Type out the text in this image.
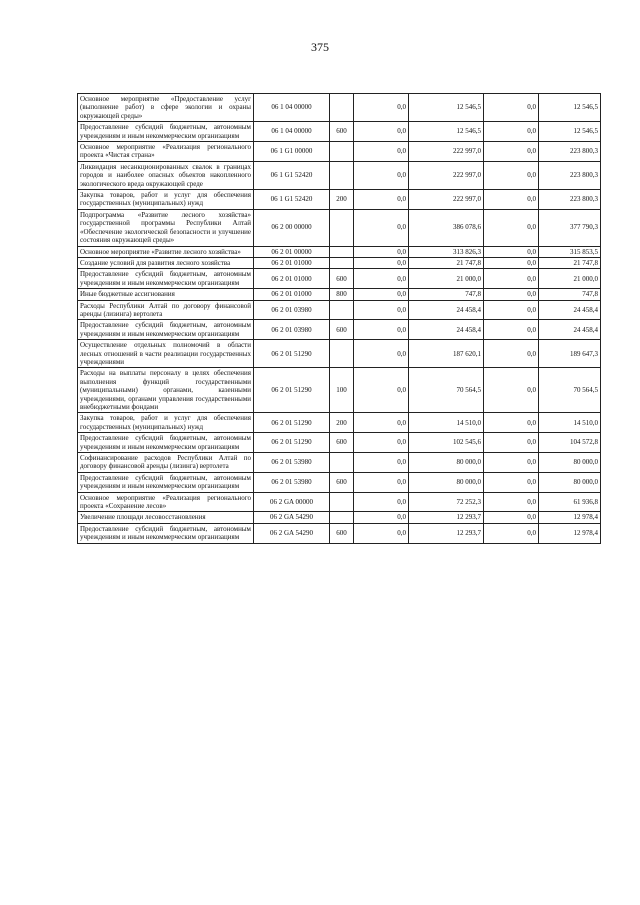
375
Основное мероприятие «Предоставление услуг (выполнение работ) в сфере экологии и охраны окружающей среды»	06 1 04 00000		0,0	12 546,5	0,0	12 546,5
Предоставление субсидий бюджетным, автономным учреждениям и иным некоммерческим организациям	06 1 04 00000	600	0,0	12 546,5	0,0	12 546,5
Основное мероприятие «Реализация регионального проекта «Чистая страна»	06 1 G1 00000		0,0	222 997,0	0,0	223 800,3
Ликвидация несанкционированных свалок в границах городов и наиболее опасных объектов накопленного экологического вреда окружающей среде	06 1 G1 52420		0,0	222 997,0	0,0	223 800,3
Закупка товаров, работ и услуг для обеспечения государственных (муниципальных) нужд	06 1 G1 52420	200	0,0	222 997,0	0,0	223 800,3
Подпрограмма «Развитие лесного хозяйства» государственной программы Республики Алтай «Обеспечение экологической безопасности и улучшение состояния окружающей среды»	06 2 00 00000		0,0	386 078,6	0,0	377 790,3
Основное мероприятие «Развитие лесного хозяйства»	06 2 01 00000		0,0	313 826,3	0,0	315 853,5
Создание условий для развития лесного хозяйства	06 2 01 01000		0,0	21 747,8	0,0	21 747,8
Предоставление субсидий бюджетным, автономным учреждениям и иным некоммерческим организациям	06 2 01 01000	600	0,0	21 000,0	0,0	21 000,0
Иные бюджетные ассигнования	06 2 01 01000	800	0,0	747,8	0,0	747,8
Расходы Республики Алтай по договору финансовой аренды (лизинга) вертолета	06 2 01 03980		0,0	24 458,4	0,0	24 458,4
Предоставление субсидий бюджетным, автономным учреждениям и иным некоммерческим организациям	06 2 01 03980	600	0,0	24 458,4	0,0	24 458,4
Осуществление отдельных полномочий в области лесных отношений в части реализации государственных учреждениями	06 2 01 51290		0,0	187 620,1	0,0	189 647,3
Расходы на выплаты персоналу в целях обеспечения выполнения функций государственными (муниципальными) органами, казенными учреждениями, органами управления государственными внебюджетными фондами	06 2 01 51290	100	0,0	70 564,5	0,0	70 564,5
Закупка товаров, работ и услуг для обеспечения государственных (муниципальных) нужд	06 2 01 51290	200	0,0	14 510,0	0,0	14 510,0
Предоставление субсидий бюджетным, автономным учреждениям и иным некоммерческим организациям	06 2 01 51290	600	0,0	102 545,6	0,0	104 572,8
Софинансирование расходов Республики Алтай по договору финансовой аренды (лизинга) вертолета	06 2 01 53980		0,0	80 000,0	0,0	80 000,0
Предоставление субсидий бюджетным, автономным учреждениям и иным некоммерческим организациям	06 2 01 53980	600	0,0	80 000,0	0,0	80 000,0
Основное мероприятие «Реализация регионального проекта «Сохранение лесов»	06 2 GA 00000		0,0	72 252,3	0,0	61 936,8
Увеличение площади лесовосстановления	06 2 GA 54290		0,0	12 293,7	0,0	12 978,4
Предоставление субсидий бюджетным, автономным учреждениям и иным некоммерческим организациям	06 2 GA 54290	600	0,0	12 293,7	0,0	12 978,4
